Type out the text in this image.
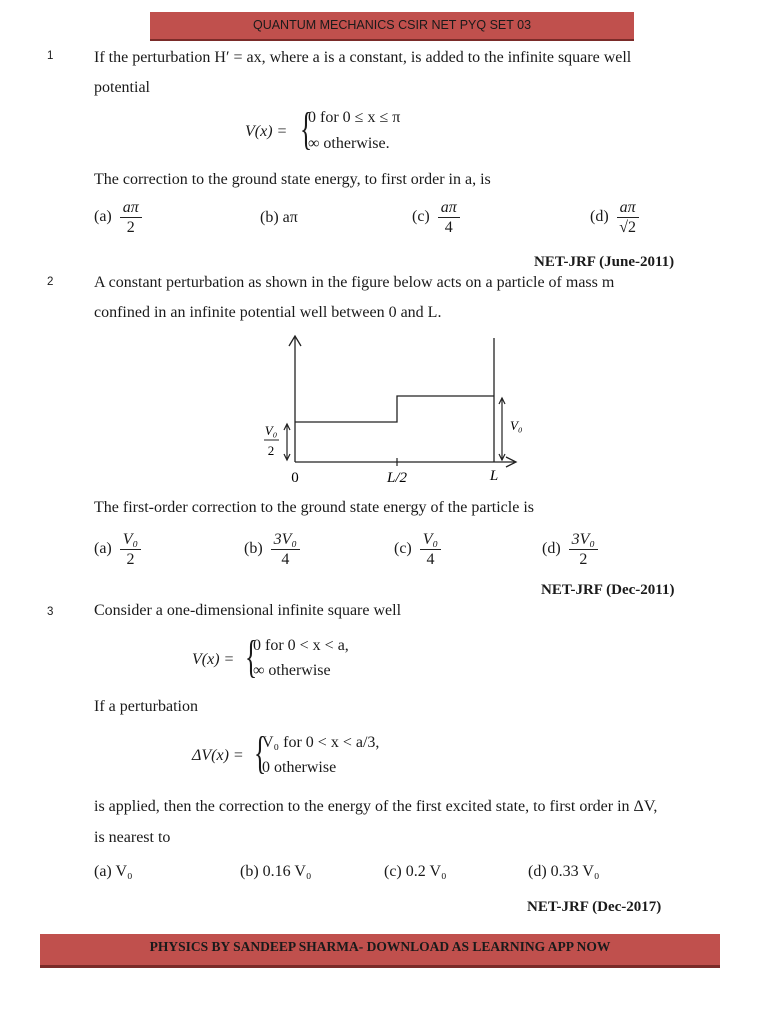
QUANTUM MECHANICS CSIR NET PYQ SET 03
1	If the perturbation H′ = ax, where a is a constant, is added to the infinite square well
potential
V(x) = {
0 for 0 ≤ x ≤ π
∞ otherwise.
The correction to the ground state energy, to first order in a, is
$(a) \frac{a\pi}{2}$	(b) aπ	$(c) \frac{a\pi}{4}$	$(d) \frac{a\pi}{√2}$
NET-JRF (June-2011)
2	A constant perturbation as shown in the figure below acts on a particle of mass m
confined in an infinite potential well between 0 and L.
V₀
2
V₀
0	L/2	L
The first-order correction to the ground state energy of the particle is
$(a) \frac{\text{V₀}}{2}$	$(b) \frac{\text{3V₀}}{4}$	$(c) \frac{\text{V₀}}{4}$	$(d) \frac{\text{3V₀}}{2}$
NET-JRF (Dec-2011)
3	Consider a one-dimensional infinite square well
V(x) = {
0 for 0 < x < a,
∞ otherwise
If a perturbation
ΔV(x) = {
V₀ for 0 < x < a/3,
0 otherwise
is applied, then the correction to the energy of the first excited state, to first order in ΔV,
is nearest to
(a) V₀	(b) 0.16 V₀	(c) 0.2 V₀	(d) 0.33 V₀
NET-JRF (Dec-2017)
PHYSICS BY SANDEEP SHARMA- DOWNLOAD AS LEARNING APP NOW
